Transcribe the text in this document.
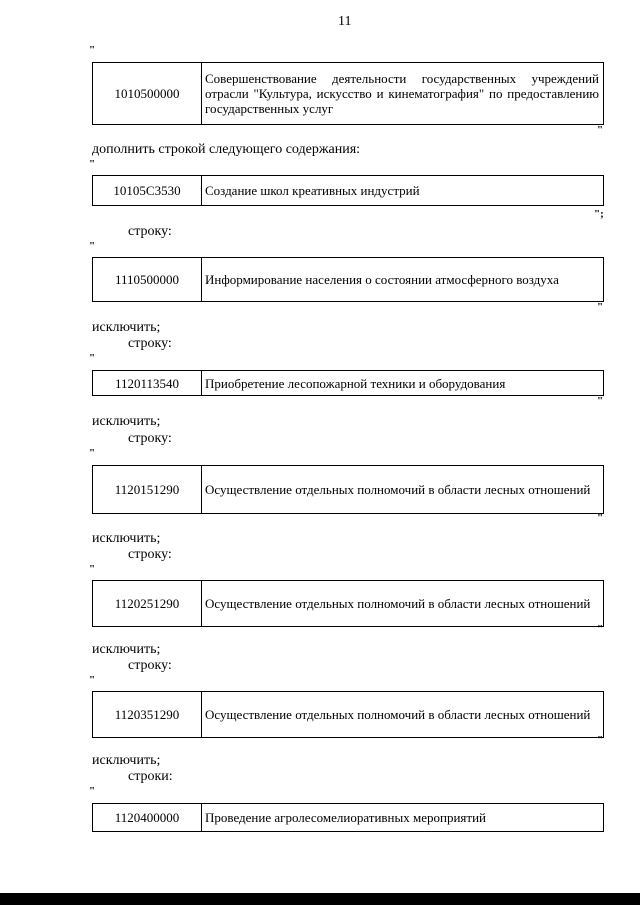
11
"
1010500000	Совершенствование деятельности государственных учреждений отрасли "Культура, искусство и кинематография" по предоставлению государственных услуг
"
дополнить строкой следующего содержания:
"
10105С3530	Создание школ креативных индустрий
";
строку:
"
1110500000	Информирование населения о состоянии атмосферного воздуха
"
исключить;
строку:
"
1120113540	Приобретение лесопожарной техники и оборудования
"
исключить;
строку:
"
1120151290	Осуществление отдельных полномочий в области лесных отношений
"
исключить;
строку:
"
1120251290	Осуществление отдельных полномочий в области лесных отношений
"
исключить;
строку:
"
1120351290	Осуществление отдельных полномочий в области лесных отношений
"
исключить;
строки:
"
1120400000	Проведение агролесомелиоративных мероприятий
